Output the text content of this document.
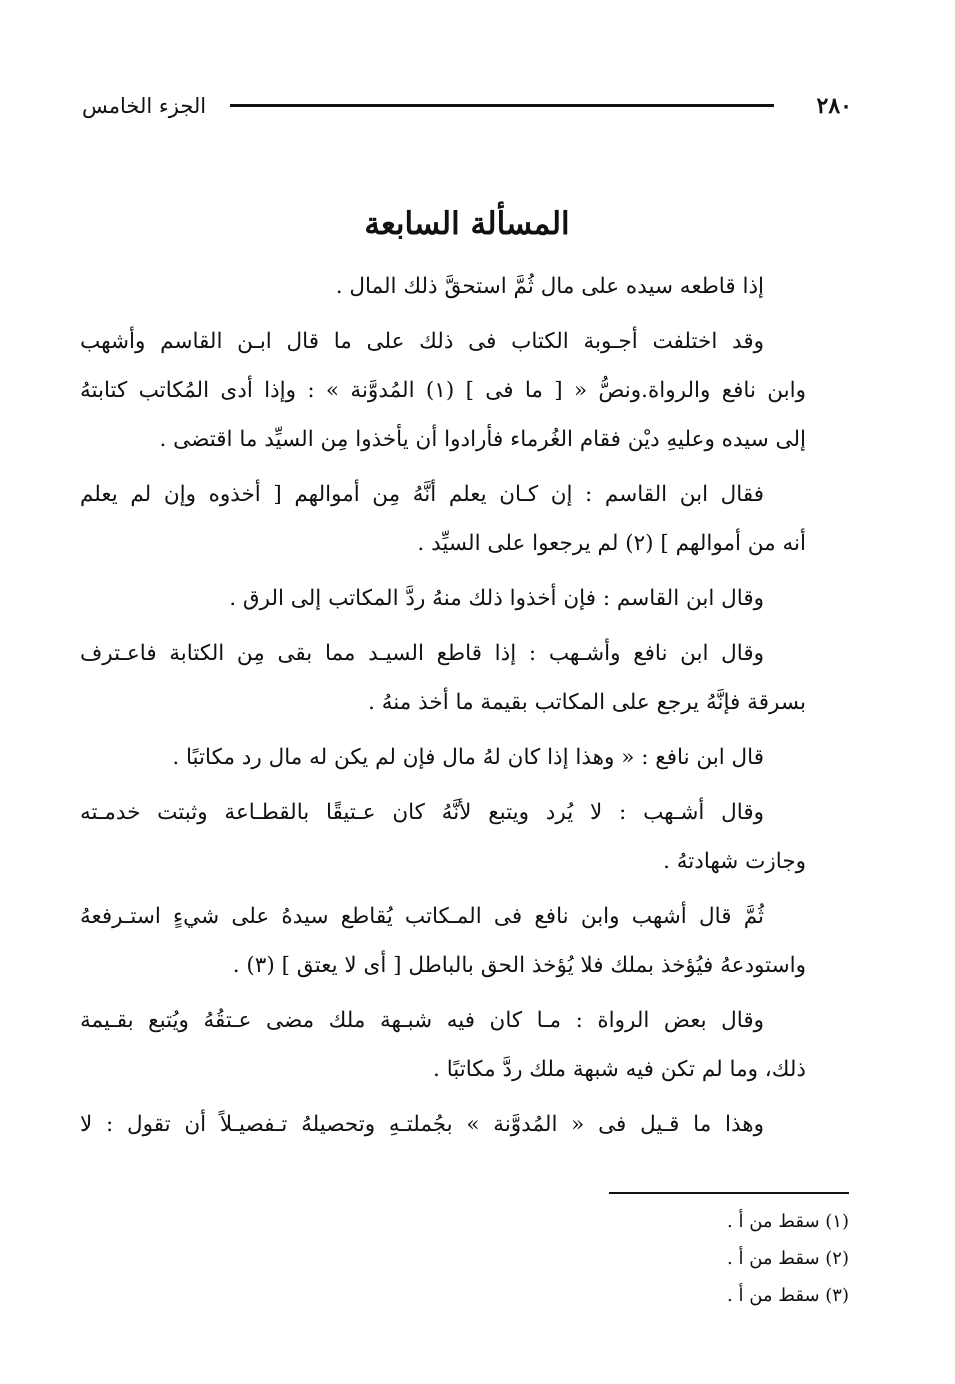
الجزء الخامس	٢٨٠
المسألة السابعة

إذا قاطعه سيده على مال ثُمَّ استحقَّ ذلك المال .

وقد اختلفت أجـوبة الكتاب فى ذلك على ما قال ابـن القاسم وأشهب
وابن نافع والرواة.ونصُّ « [ ما فى ] (١) المُدوَّنة » : وإذا أدى المُكاتب كتابتهُ
إلى سيده وعليهِ ديْن فقام الغُرماء فأرادوا أن يأخذوا مِن السيِّد ما اقتضى .

فقال ابن القاسم : إن كـان يعلم أنَّهُ مِن أموالهم [ أخذوه وإن لم يعلم
أنه من أموالهم ] (٢) لم يرجعوا على السيِّد .

وقال ابن القاسم : فإن أخذوا ذلك منهُ ردَّ المكاتب إلى الرق .

وقال ابن نافع وأشـهب : إذا قاطع السيـد مما بقى مِن الكتابة فاعـترف
بسرقة فإنَّهُ يرجع على المكاتب بقيمة ما أخذ منهُ .

قال ابن نافع : « وهذا إذا كان لهُ مال فإن لم يكن له مال رد مكاتبًا .

وقال أشـهب : لا يُرد ويتبع لأنَّهُ كان عـتيقًا بالقطـاعة وثبتت خدمـته
وجازت شهادتهُ .

ثُمَّ قال أشهب وابن نافع فى المـكاتب يُقاطع سيدهُ على شيءٍ استـرفعهُ
واستودعهُ فيُؤخذ بملك فلا يُؤخذ الحق بالباطل [ أى لا يعتق ] (٣) .

وقال بعض الرواة : مـا كان فيه شبـهة ملك مضى عـتقُهُ ويُتبع بقـيمة
ذلك، وما لم تكن فيه شبهة ملك ردَّ مكاتبًا .

وهذا ما قـيل فى « المُدوَّنة » بجُملتـهِ وتحصيلهُ تـفصيـلاً أن تقول : لا

(١) سقط من أ .
(٢) سقط من أ .
(٣) سقط من أ .
